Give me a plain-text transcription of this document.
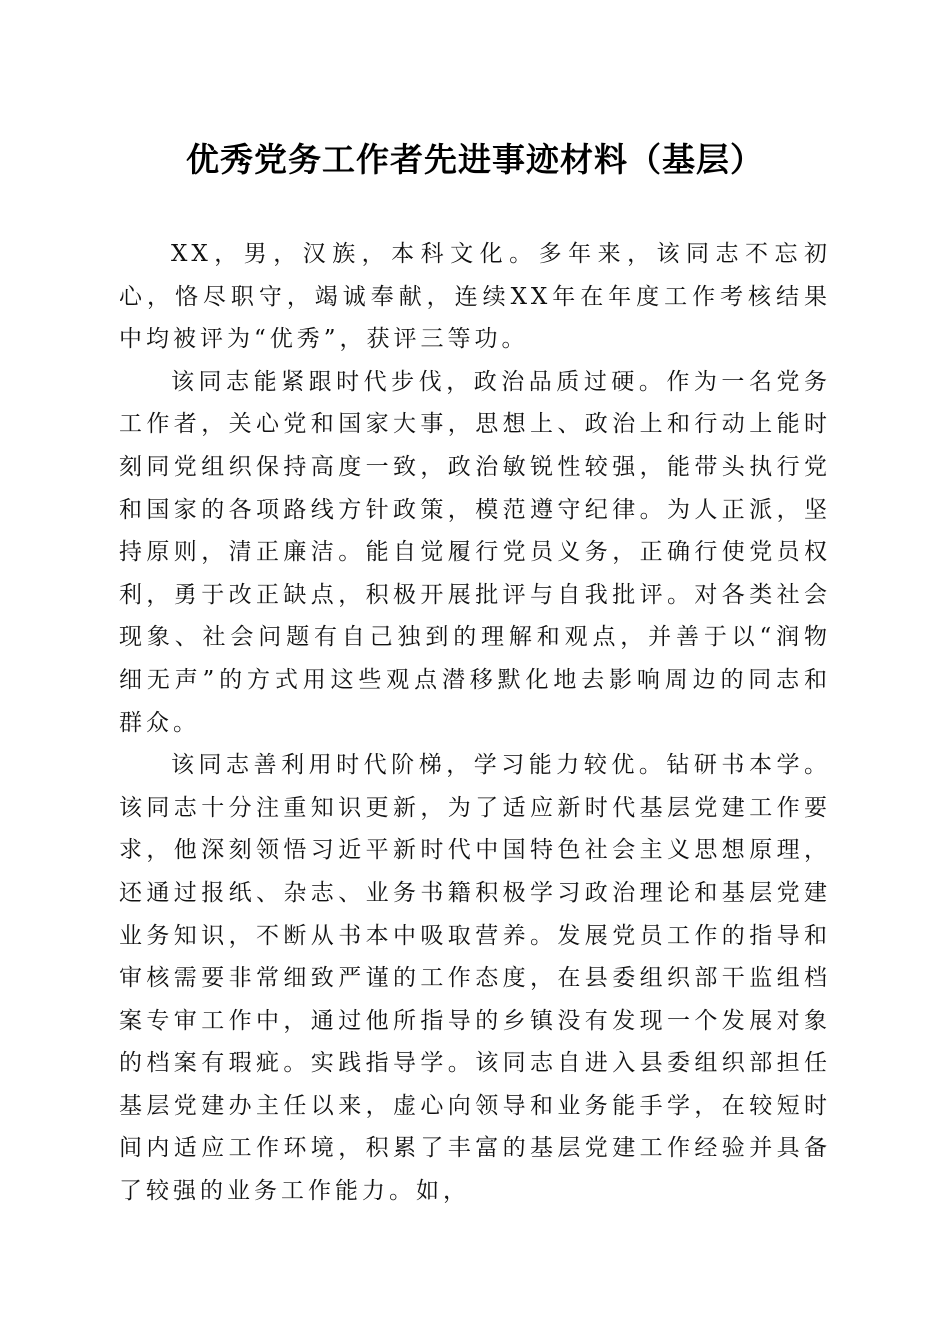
优秀党务工作者先进事迹材料（基层）

XX，男，汉族，本科文化。多年来，该同志不忘初心，恪尽职守，竭诚奉献，连续XX年在年度工作考核结果中均被评为“优秀”，获评三等功。

该同志能紧跟时代步伐，政治品质过硬。作为一名党务工作者，关心党和国家大事，思想上、政治上和行动上能时刻同党组织保持高度一致，政治敏锐性较强，能带头执行党和国家的各项路线方针政策，模范遵守纪律。为人正派，坚持原则，清正廉洁。能自觉履行党员义务，正确行使党员权利，勇于改正缺点，积极开展批评与自我批评。对各类社会现象、社会问题有自己独到的理解和观点，并善于以“润物细无声”的方式用这些观点潜移默化地去影响周边的同志和群众。

该同志善利用时代阶梯，学习能力较优。钻研书本学。该同志十分注重知识更新，为了适应新时代基层党建工作要求，他深刻领悟习近平新时代中国特色社会主义思想原理，还通过报纸、杂志、业务书籍积极学习政治理论和基层党建业务知识，不断从书本中吸取营养。发展党员工作的指导和审核需要非常细致严谨的工作态度，在县委组织部干监组档案专审工作中，通过他所指导的乡镇没有发现一个发展对象的档案有瑕疵。实践指导学。该同志自进入县委组织部担任基层党建办主任以来，虚心向领导和业务能手学，在较短时间内适应工作环境，积累了丰富的基层党建工作经验并具备了较强的业务工作能力。如，
